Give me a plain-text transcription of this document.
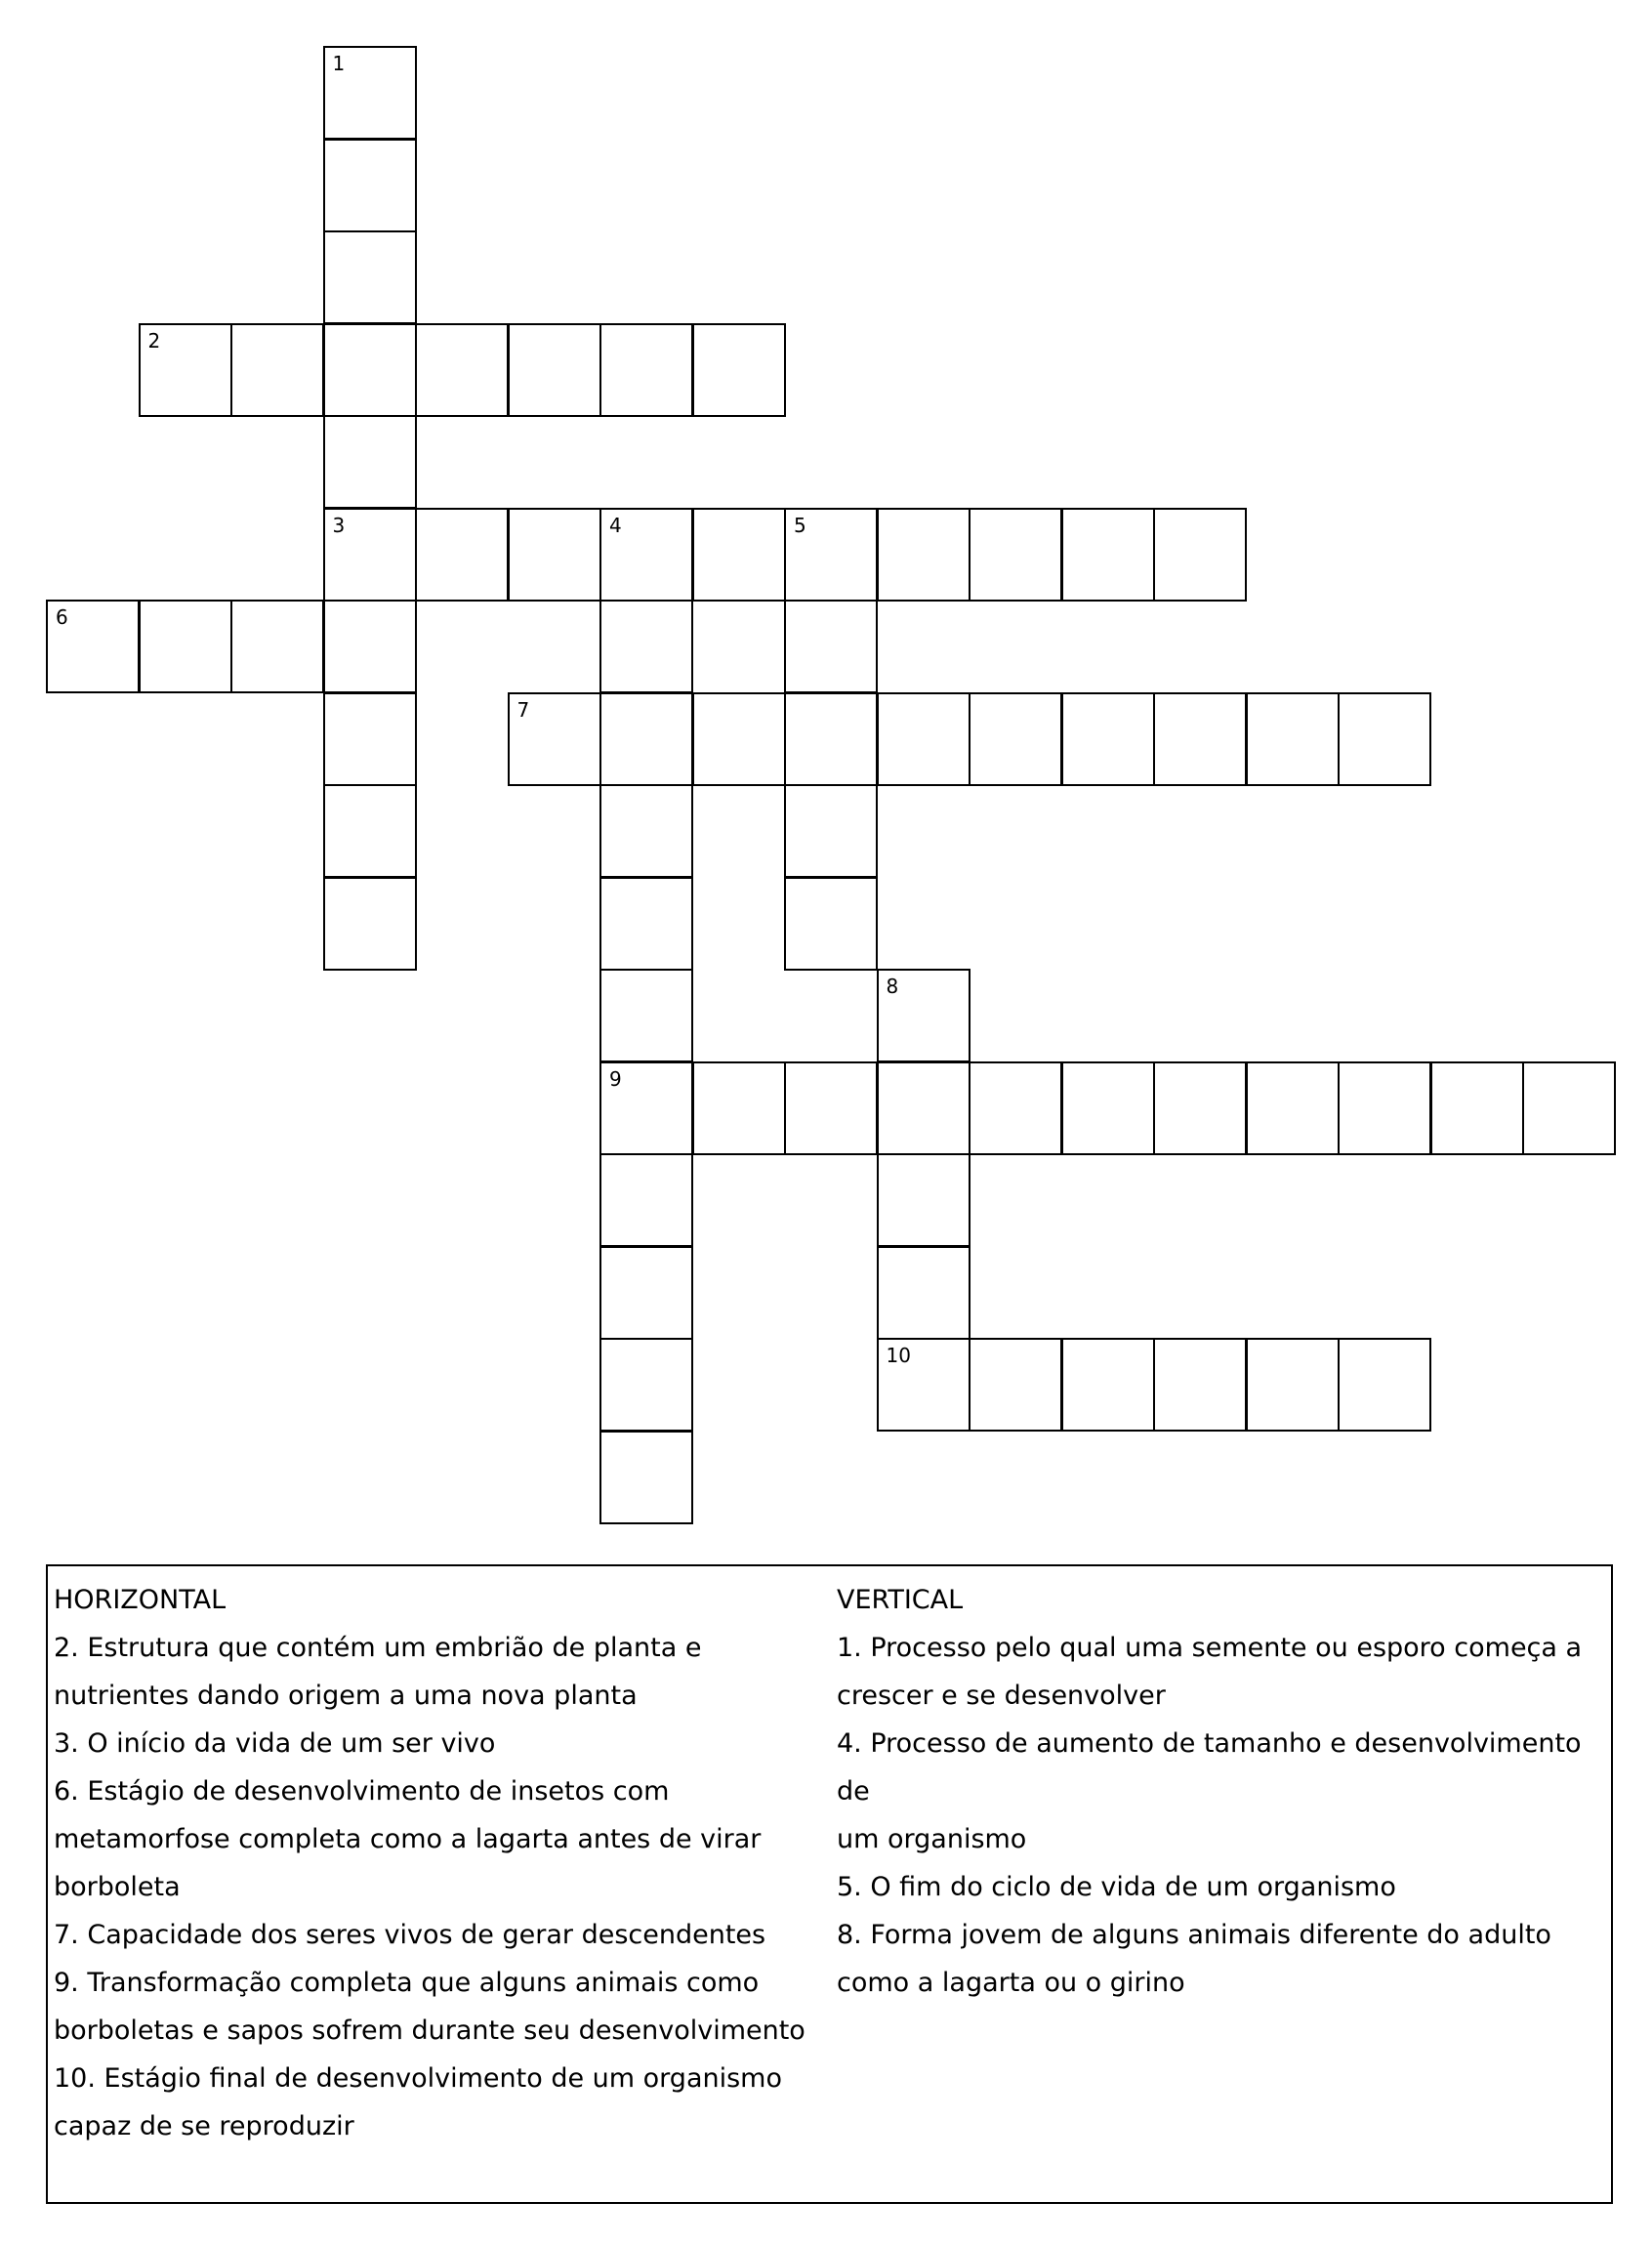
1
3
2
4	5
9
6
7
8
10

HORIZONTAL

2. Estrutura que contém um embrião de planta e

nutrientes dando origem a uma nova planta

3. O início da vida de um ser vivo

6. Estágio de desenvolvimento de insetos com

metamorfose completa como a lagarta antes de virar

borboleta

7. Capacidade dos seres vivos de gerar descendentes

9. Transformação completa que alguns animais como

borboletas e sapos sofrem durante seu desenvolvimento

10. Estágio final de desenvolvimento de um organismo

capaz de se reproduzir

VERTICAL

1. Processo pelo qual uma semente ou esporo começa a

crescer e se desenvolver

4. Processo de aumento de tamanho e desenvolvimento de

um organismo

5. O fim do ciclo de vida de um organismo

8. Forma jovem de alguns animais diferente do adulto

como a lagarta ou o girino
